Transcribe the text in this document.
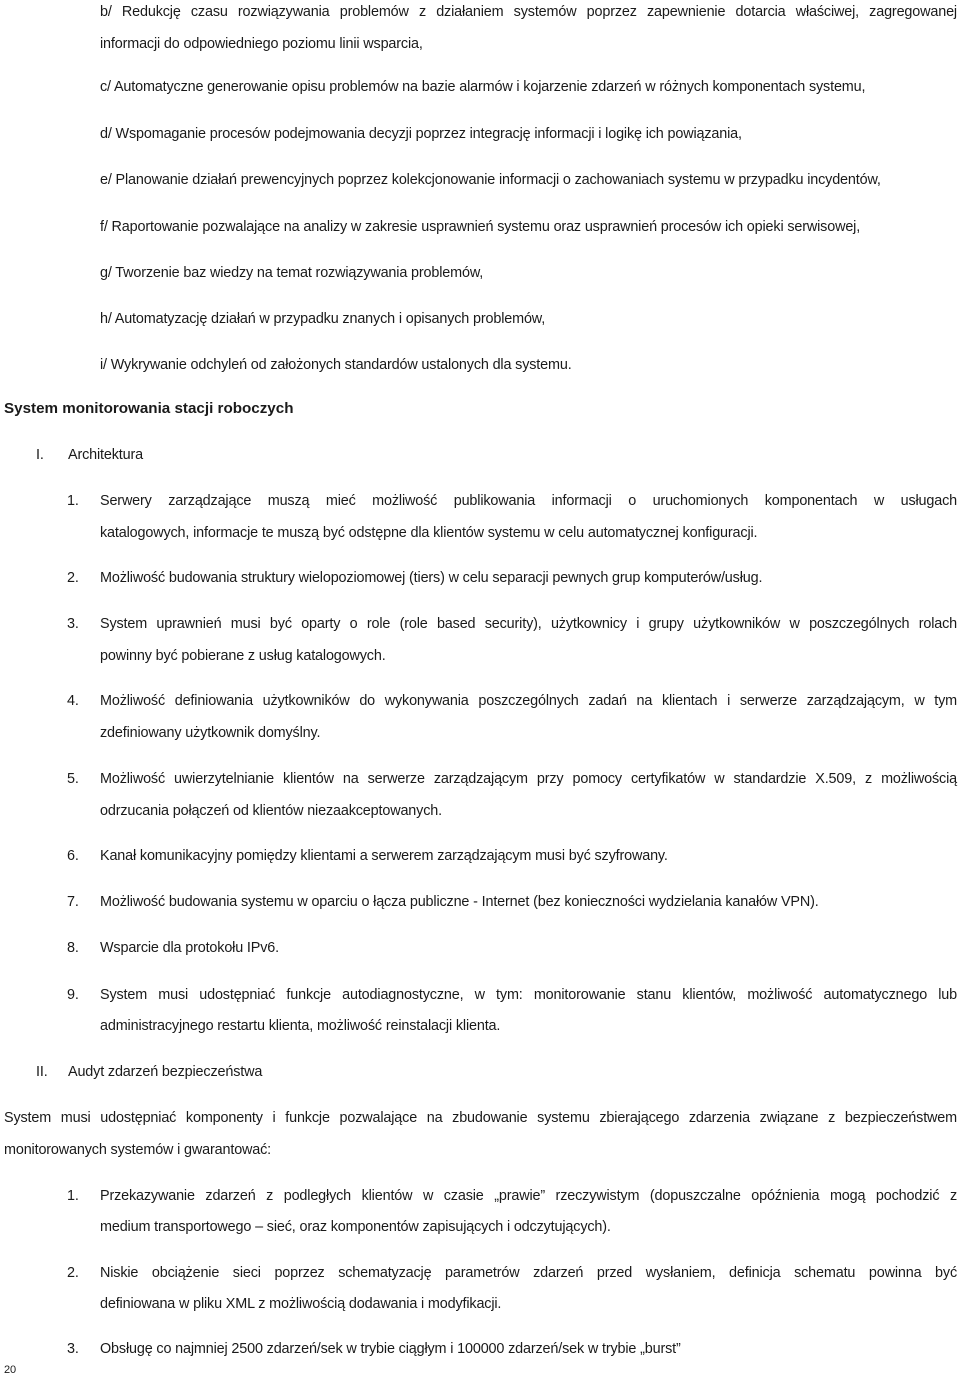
b/ Redukcję czasu rozwiązywania problemów z działaniem systemów poprzez zapewnienie dotarcia właściwej, zagregowanej
informacji do odpowiedniego poziomu linii wsparcia,
c/ Automatyczne generowanie opisu problemów na bazie alarmów i kojarzenie zdarzeń w różnych komponentach systemu,
d/ Wspomaganie procesów podejmowania decyzji poprzez integrację informacji i logikę ich powiązania,
e/ Planowanie działań prewencyjnych poprzez kolekcjonowanie informacji o zachowaniach systemu w przypadku incydentów,
f/ Raportowanie pozwalające na analizy w zakresie usprawnień systemu oraz usprawnień procesów ich opieki serwisowej,
g/ Tworzenie baz wiedzy na temat rozwiązywania problemów,
h/ Automatyzację działań w przypadku znanych i opisanych problemów,
i/ Wykrywanie odchyleń od założonych standardów ustalonych dla systemu.
System monitorowania stacji roboczych
I. Architektura
1. Serwery zarządzające muszą mieć możliwość publikowania informacji o uruchomionych komponentach w usługach
katalogowych, informacje te muszą być odstępne dla klientów systemu w celu automatycznej konfiguracji.
2. Możliwość budowania struktury wielopoziomowej (tiers) w celu separacji pewnych grup komputerów/usług.
3. System uprawnień musi być oparty o role (role based security), użytkownicy i grupy użytkowników w poszczególnych rolach
powinny być pobierane z usług katalogowych.
4. Możliwość definiowania użytkowników do wykonywania poszczególnych zadań na klientach i serwerze zarządzającym, w tym
zdefiniowany użytkownik domyślny.
5. Możliwość uwierzytelnianie klientów na serwerze zarządzającym przy pomocy certyfikatów w standardzie X.509, z możliwością
odrzucania połączeń od klientów niezaakceptowanych.
6. Kanał komunikacyjny pomiędzy klientami a serwerem zarządzającym musi być szyfrowany.
7. Możliwość budowania systemu w oparciu o łącza publiczne - Internet (bez konieczności wydzielania kanałów VPN).
8. Wsparcie dla protokołu IPv6.
9. System musi udostępniać funkcje autodiagnostyczne, w tym: monitorowanie stanu klientów, możliwość automatycznego lub
administracyjnego restartu klienta, możliwość reinstalacji klienta.
II. Audyt zdarzeń bezpieczeństwa
System musi udostępniać komponenty i funkcje pozwalające na zbudowanie systemu zbierającego zdarzenia związane z bezpieczeństwem
monitorowanych systemów i gwarantować:
1. Przekazywanie zdarzeń z podległych klientów w czasie „prawie” rzeczywistym (dopuszczalne opóźnienia mogą pochodzić z
medium transportowego – sieć, oraz komponentów zapisujących i odczytujących).
2. Niskie obciążenie sieci poprzez schematyzację parametrów zdarzeń przed wysłaniem, definicja schematu powinna być
definiowana w pliku XML z możliwością dodawania i modyfikacji.
3. Obsługę co najmniej 2500 zdarzeń/sek w trybie ciągłym i 100000 zdarzeń/sek w trybie „burst”
20
